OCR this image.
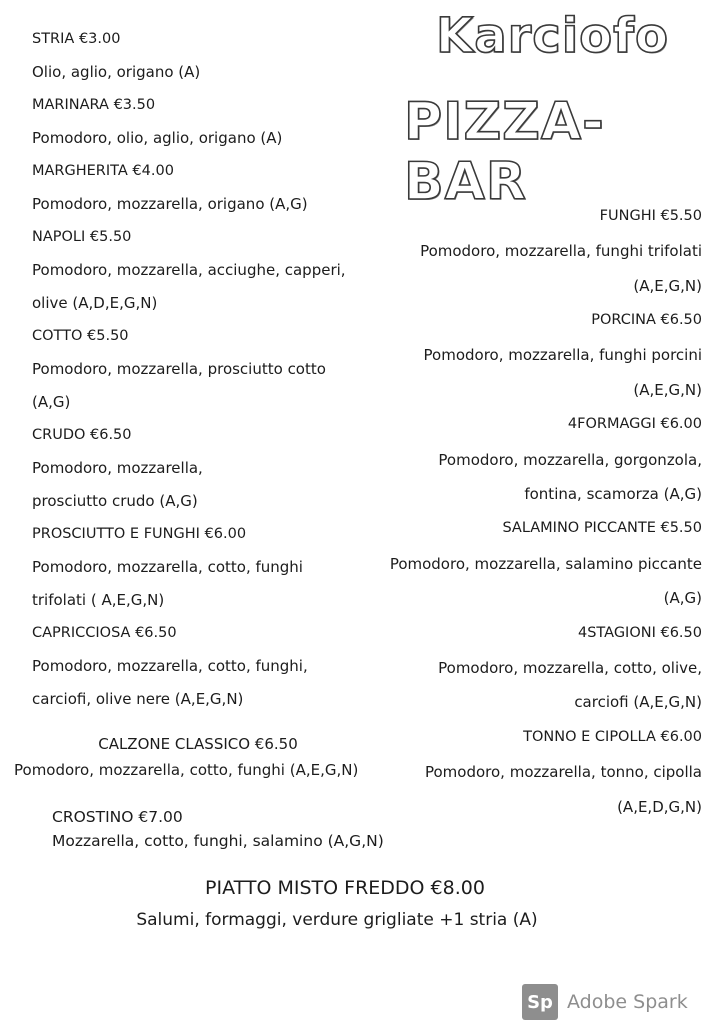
Karciofo
PIZZA-BAR
STRIA €3.00
Olio, aglio, origano (A)
MARINARA €3.50
Pomodoro, olio, aglio, origano (A)
MARGHERITA €4.00
Pomodoro, mozzarella, origano (A,G)
NAPOLI €5.50
Pomodoro, mozzarella, acciughe, capperi,
olive (A,D,E,G,N)
COTTO €5.50
Pomodoro, mozzarella, prosciutto cotto
(A,G)
CRUDO €6.50
Pomodoro, mozzarella,
prosciutto crudo (A,G)
PROSCIUTTO E FUNGHI €6.00
Pomodoro, mozzarella, cotto, funghi
trifolati ( A,E,G,N)
CAPRICCIOSA €6.50
Pomodoro, mozzarella, cotto, funghi,
carciofi, olive nere (A,E,G,N)
FUNGHI €5.50
Pomodoro, mozzarella, funghi trifolati
(A,E,G,N)
PORCINA €6.50
Pomodoro, mozzarella, funghi porcini
(A,E,G,N)
4FORMAGGI €6.00
Pomodoro, mozzarella, gorgonzola,
fontina, scamorza (A,G)
SALAMINO PICCANTE €5.50
Pomodoro, mozzarella, salamino piccante
(A,G)
4STAGIONI €6.50
Pomodoro, mozzarella, cotto, olive,
carciofi (A,E,G,N)
TONNO E CIPOLLA €6.00
Pomodoro, mozzarella, tonno, cipolla
(A,E,D,G,N)
CALZONE CLASSICO €6.50
Pomodoro, mozzarella, cotto, funghi (A,E,G,N)
CROSTINO €7.00
Mozzarella, cotto, funghi, salamino (A,G,N)
PIATTO MISTO FREDDO €8.00
Salumi, formaggi, verdure grigliate +1 stria (A)
Sp Adobe Spark
